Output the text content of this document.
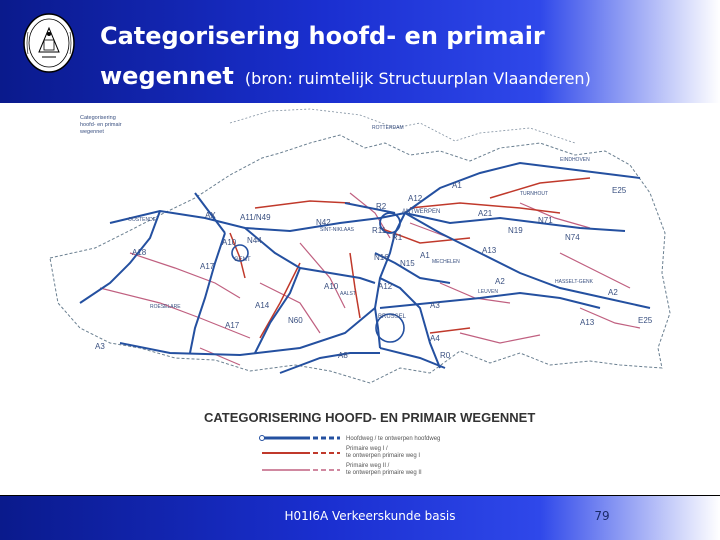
Categorisering hoofd- en primair
wegennet (bron: ruimtelijk Structuurplan Vlaanderen)
Categorisering
hoofd- en primair
wegennet
ANTWERPEN
GENT
BRUSSEL
OOSTENDE
TURNHOUT
MECHELEN
AALST
SINT-NIKLAAS
HASSELT-GENK
LEUVEN
ROESELARE
ROTTERDAM
EINDHOVEN
A1
E25
A12
R2
A21
N71
A11/N49
AX
N42
A10
R11
R1
N19
N74
A18
N44
N16	A1
A13
A17	N15
A10	A12
A2
A2
A14	A3
A17
N60
A4
A13	E25
A3
A8	R0
CATEGORISERING HOOFD- EN PRIMAIR WEGENNET
Hoofdweg / te ontwerpen hoofdweg
Primaire weg I /
te ontwerpen primaire weg I
Primaire weg II /
te ontwerpen primaire weg II
H01I6A Verkeerskunde basis	79
